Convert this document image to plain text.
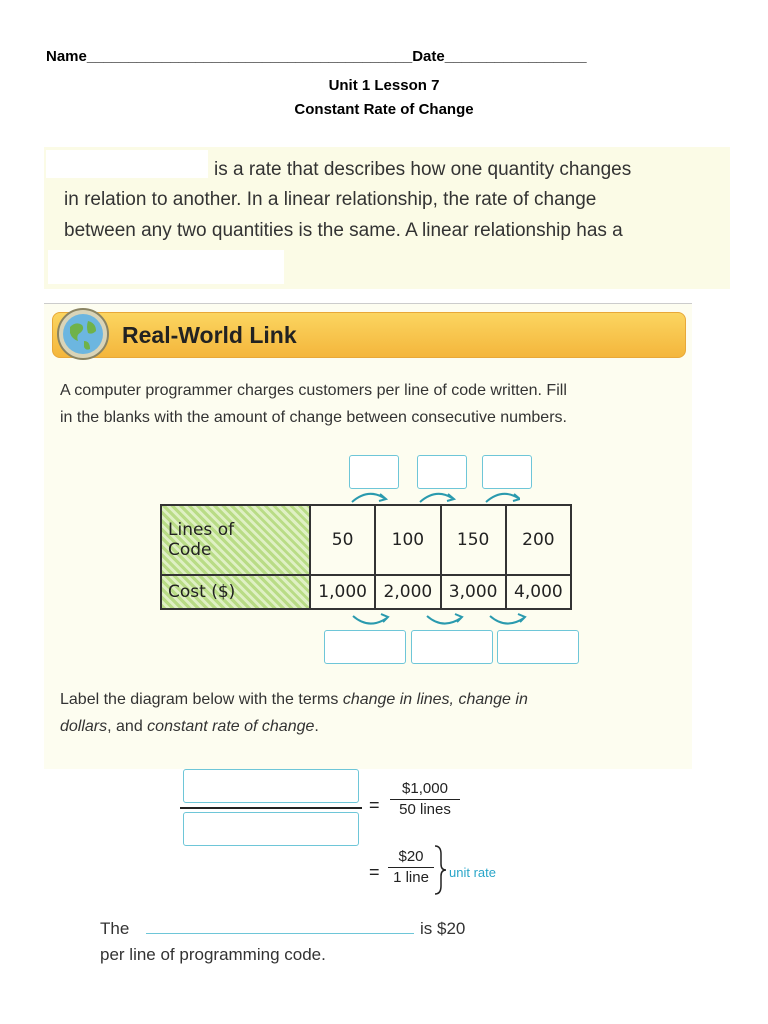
Name_______________________________________Date_________________
Unit 1 Lesson 7
Constant Rate of Change
is a rate that describes how one quantity changes
in relation to another. In a linear relationship, the rate of change
between any two quantities is the same. A linear relationship has a
Real-World Link
A computer programmer charges customers per line of code written. Fill
in the blanks with the amount of change between consecutive numbers.
Lines of
Code	50	100	150	200
Cost ($)	1,000	2,000	3,000	4,000
Label the diagram below with the terms change in lines, change in
dollars, and constant rate of change.
=
$1,000
50 lines
=
$20
1 line	unit rate
The	is $20
per line of programming code.
